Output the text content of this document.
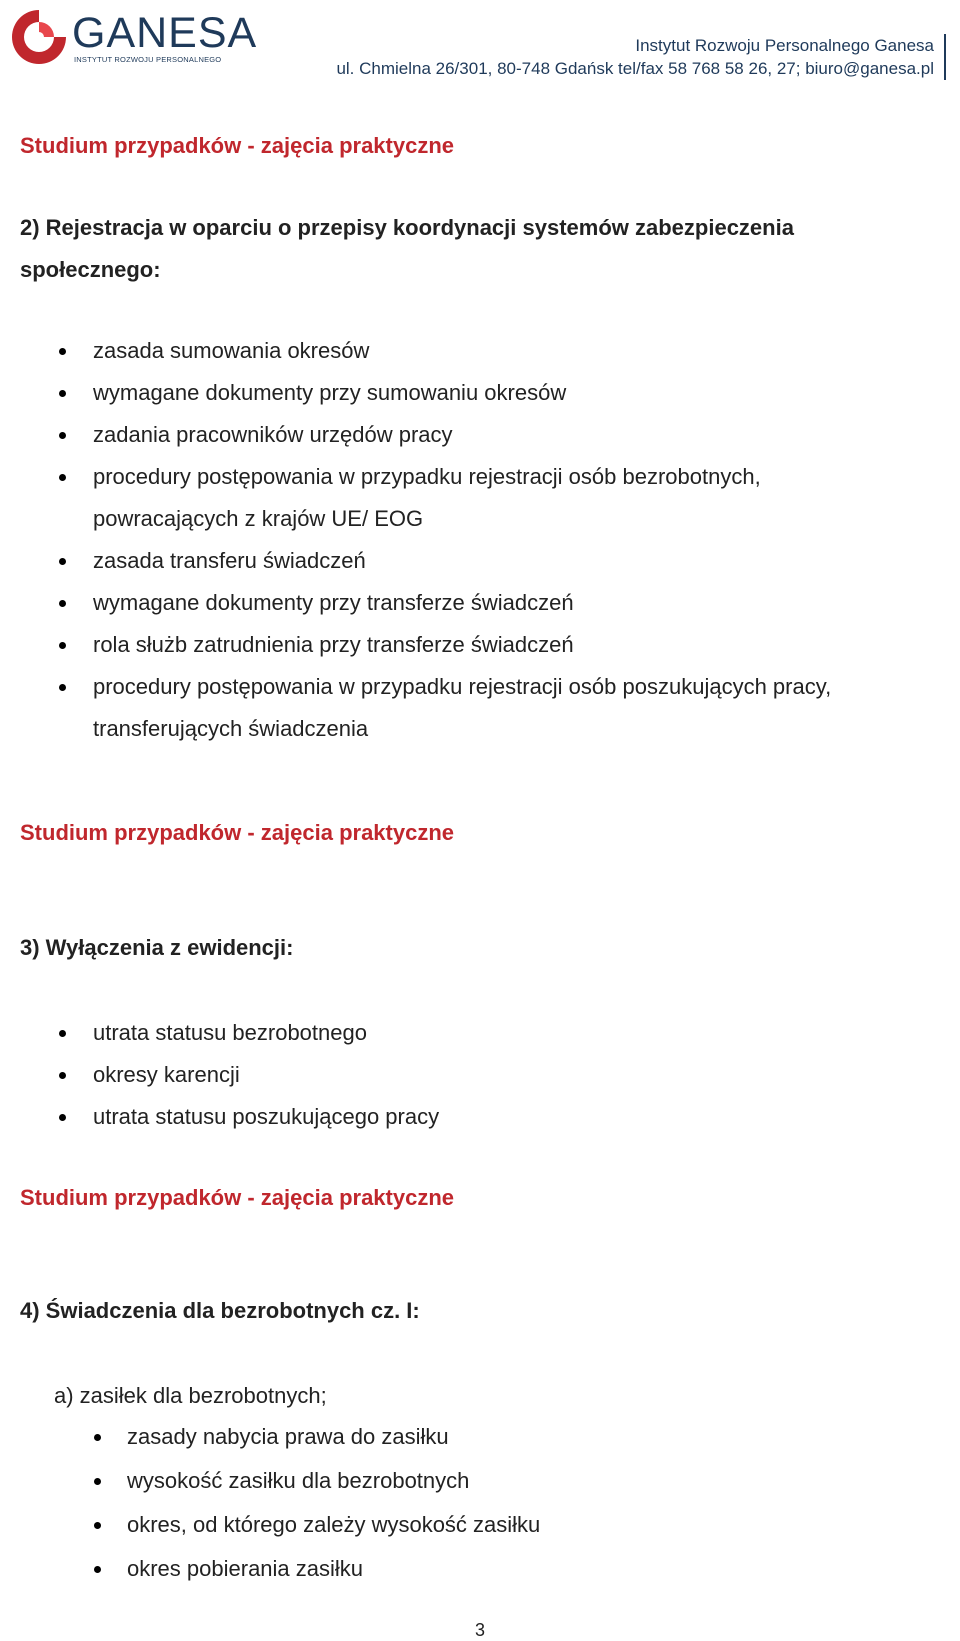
GANESA
INSTYTUT ROZWOJU PERSONALNEGO
Instytut Rozwoju Personalnego Ganesa
ul. Chmielna 26/301, 80-748 Gdańsk tel/fax 58 768 58 26, 27; biuro@ganesa.pl
Studium przypadków - zajęcia praktyczne
2) Rejestracja w oparciu o przepisy koordynacji systemów zabezpieczenia
społecznego:
zasada sumowania okresów
wymagane dokumenty przy sumowaniu okresów
zadania pracowników urzędów pracy
procedury postępowania w przypadku rejestracji osób bezrobotnych,
powracających z krajów UE/ EOG
zasada transferu świadczeń
wymagane dokumenty przy transferze świadczeń
rola służb zatrudnienia przy transferze świadczeń
procedury postępowania w przypadku rejestracji osób poszukujących pracy,
transferujących świadczenia
Studium przypadków - zajęcia praktyczne
3) Wyłączenia z ewidencji:
utrata statusu bezrobotnego
okresy karencji
utrata statusu poszukującego pracy
Studium przypadków - zajęcia praktyczne
4) Świadczenia dla bezrobotnych cz. I:
a) zasiłek dla bezrobotnych;
zasady nabycia prawa do zasiłku
wysokość zasiłku dla bezrobotnych
okres, od którego zależy wysokość zasiłku
okres pobierania zasiłku
3
